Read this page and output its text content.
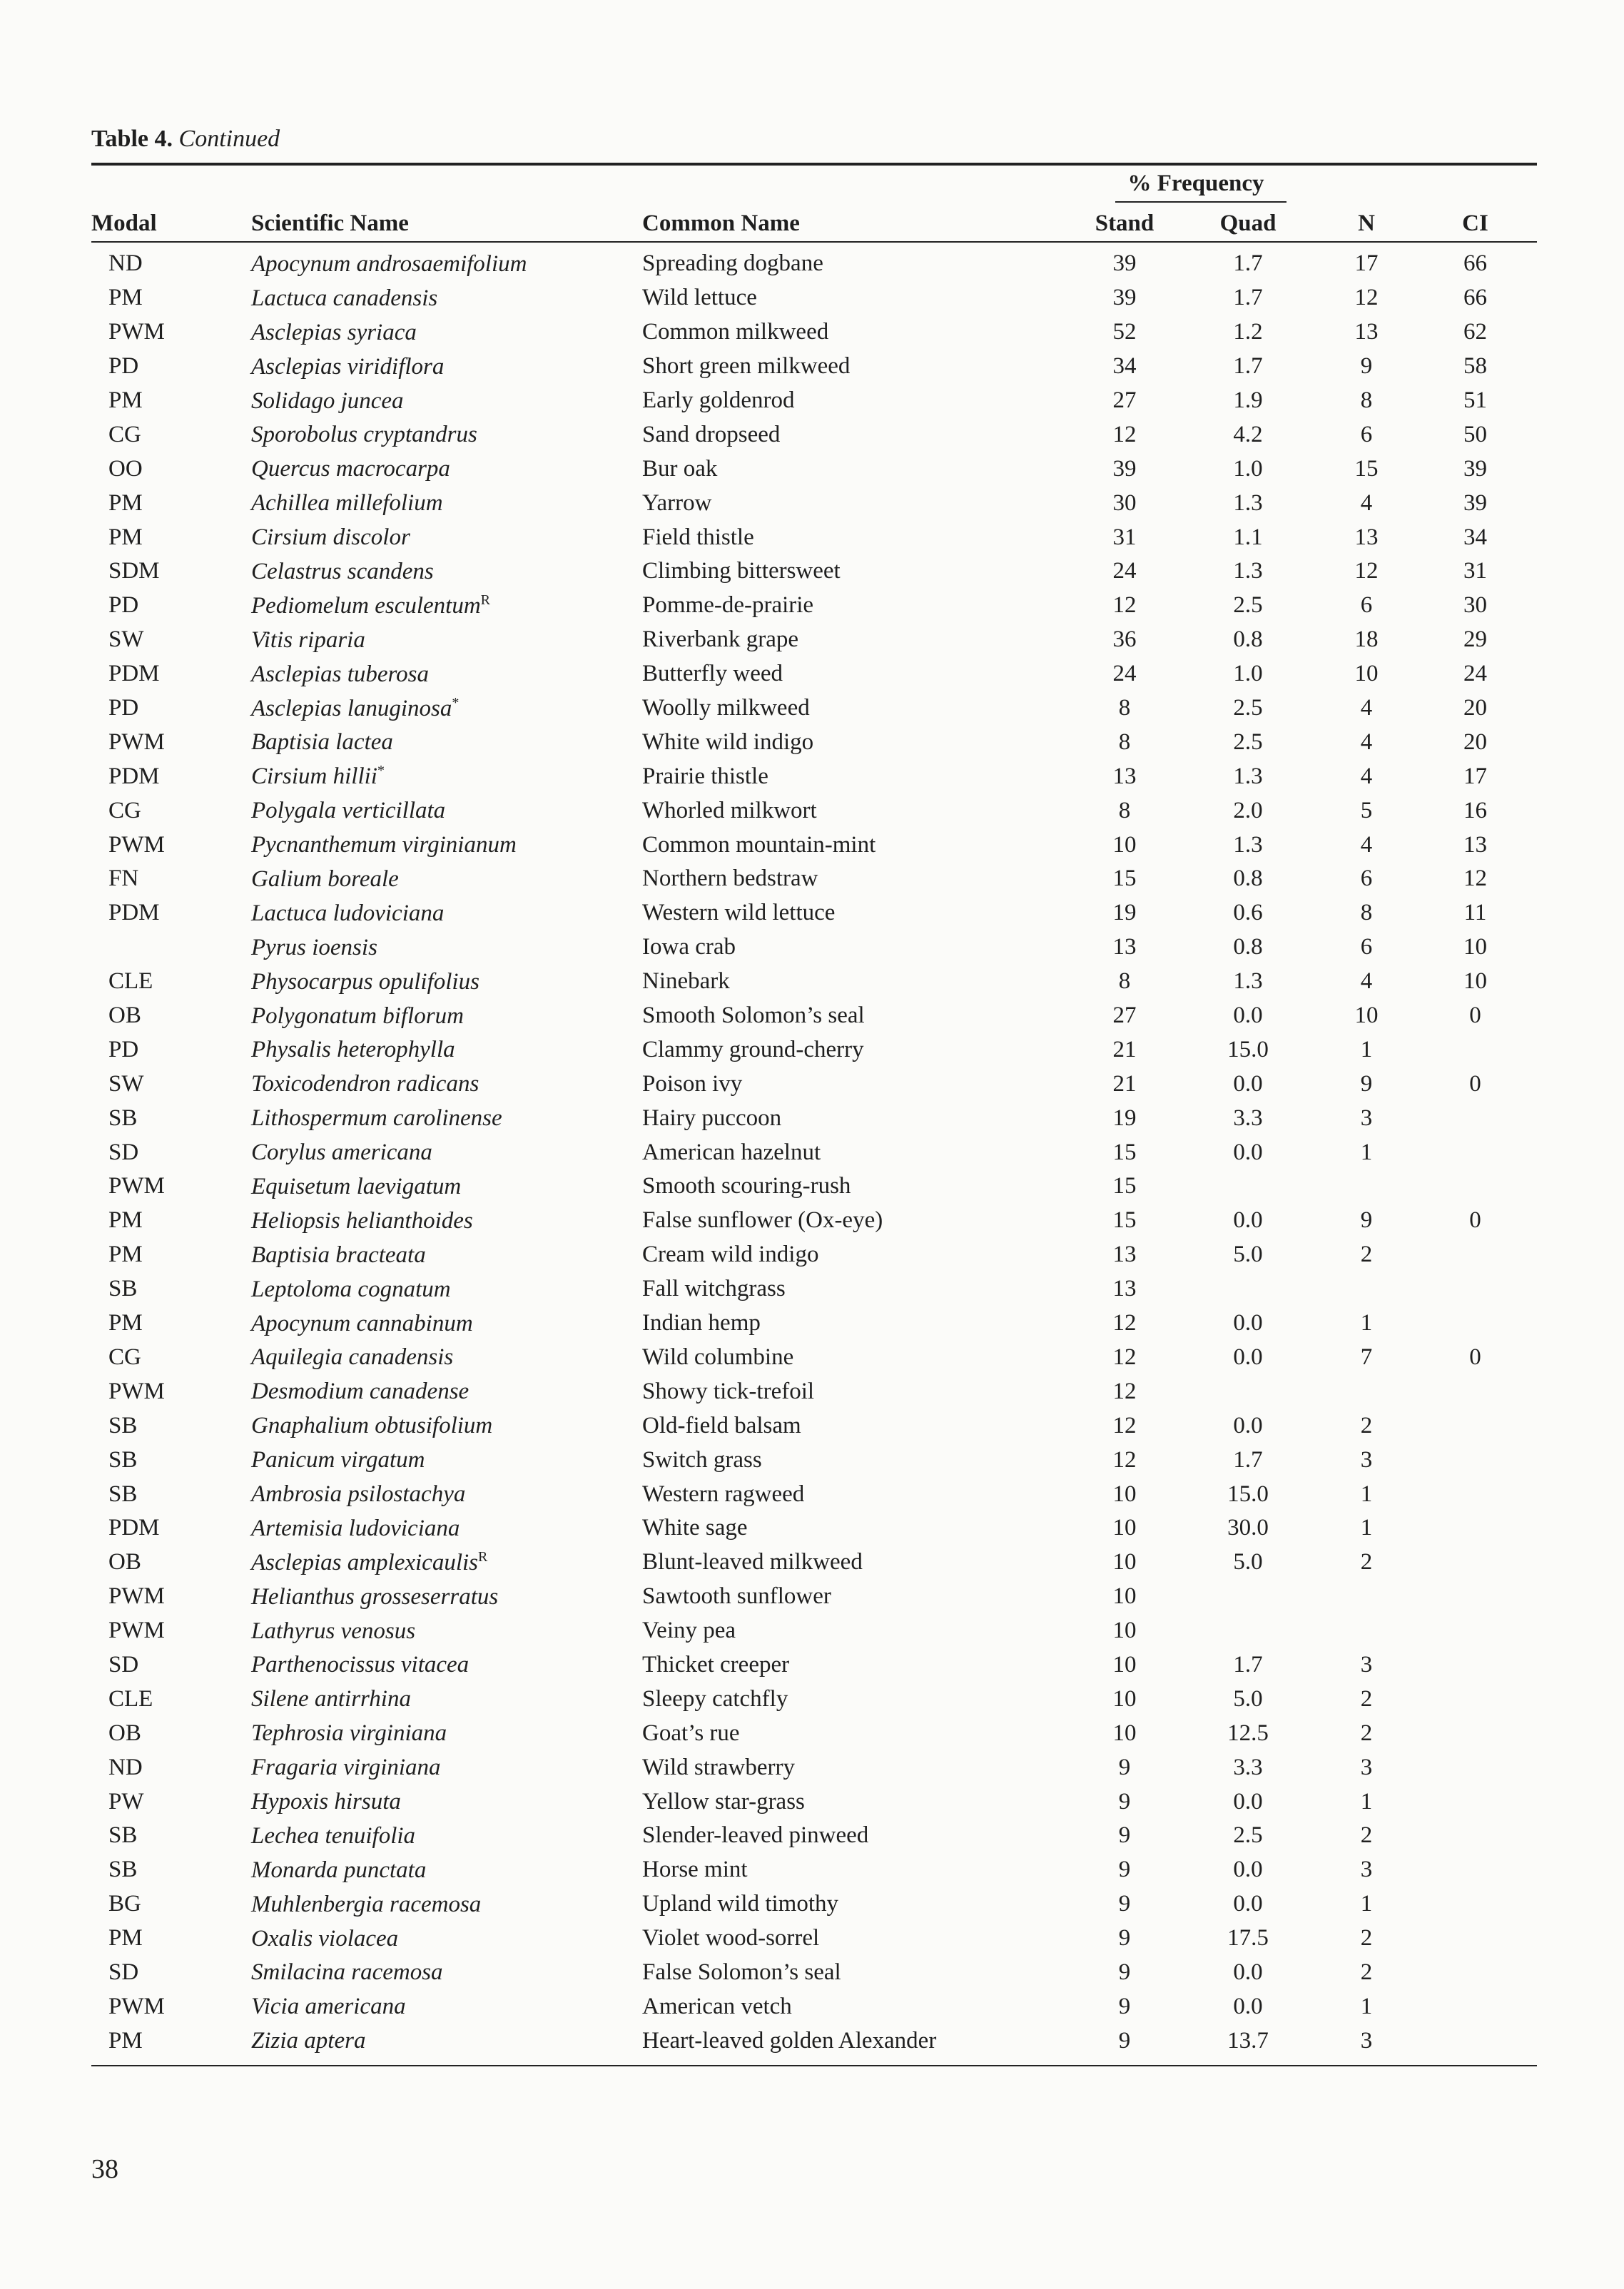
Table 4. Continued
			% Frequency		

Modal	Scientific Name	Common Name	Stand	Quad	N	CI
ND	Apocynum androsaemifolium	Spreading dogbane	39	1.7	17	66
PM	Lactuca canadensis	Wild lettuce	39	1.7	12	66
PWM	Asclepias syriaca	Common milkweed	52	1.2	13	62
PD	Asclepias viridiflora	Short green milkweed	34	1.7	9	58
PM	Solidago juncea	Early goldenrod	27	1.9	8	51
CG	Sporobolus cryptandrus	Sand dropseed	12	4.2	6	50
OO	Quercus macrocarpa	Bur oak	39	1.0	15	39
PM	Achillea millefolium	Yarrow	30	1.3	4	39
PM	Cirsium discolor	Field thistle	31	1.1	13	34
SDM	Celastrus scandens	Climbing bittersweet	24	1.3	12	31
PD	Pediomelum esculentum$^R$	Pomme-de-prairie	12	2.5	6	30
SW	Vitis riparia	Riverbank grape	36	0.8	18	29
PDM	Asclepias tuberosa	Butterfly weed	24	1.0	10	24
PD	Asclepias lanuginosa*	Woolly milkweed	8	2.5	4	20
PWM	Baptisia lactea	White wild indigo	8	2.5	4	20
PDM	Cirsium hillii*	Prairie thistle	13	1.3	4	17
CG	Polygala verticillata	Whorled milkwort	8	2.0	5	16
PWM	Pycnanthemum virginianum	Common mountain-mint	10	1.3	4	13
FN	Galium boreale	Northern bedstraw	15	0.8	6	12
PDM	Lactuca ludoviciana	Western wild lettuce	19	0.6	8	11
	Pyrus ioensis	Iowa crab	13	0.8	6	10
CLE	Physocarpus opulifolius	Ninebark	8	1.3	4	10
OB	Polygonatum biflorum	Smooth Solomon’s seal	27	0.0	10	0
PD	Physalis heterophylla	Clammy ground-cherry	21	15.0	1	
SW	Toxicodendron radicans	Poison ivy	21	0.0	9	0
SB	Lithospermum carolinense	Hairy puccoon	19	3.3	3	
SD	Corylus americana	American hazelnut	15	0.0	1	
PWM	Equisetum laevigatum	Smooth scouring-rush	15			
PM	Heliopsis helianthoides	False sunflower (Ox-eye)	15	0.0	9	0
PM	Baptisia bracteata	Cream wild indigo	13	5.0	2	
SB	Leptoloma cognatum	Fall witchgrass	13			
PM	Apocynum cannabinum	Indian hemp	12	0.0	1	
CG	Aquilegia canadensis	Wild columbine	12	0.0	7	0
PWM	Desmodium canadense	Showy tick-trefoil	12			
SB	Gnaphalium obtusifolium	Old-field balsam	12	0.0	2	
SB	Panicum virgatum	Switch grass	12	1.7	3	
SB	Ambrosia psilostachya	Western ragweed	10	15.0	1	
PDM	Artemisia ludoviciana	White sage	10	30.0	1	
OB	Asclepias amplexicaulis$^R$	Blunt-leaved milkweed	10	5.0	2	
PWM	Helianthus grosseserratus	Sawtooth sunflower	10			
PWM	Lathyrus venosus	Veiny pea	10			
SD	Parthenocissus vitacea	Thicket creeper	10	1.7	3	
CLE	Silene antirrhina	Sleepy catchfly	10	5.0	2	
OB	Tephrosia virginiana	Goat’s rue	10	12.5	2	
ND	Fragaria virginiana	Wild strawberry	9	3.3	3	
PW	Hypoxis hirsuta	Yellow star-grass	9	0.0	1	
SB	Lechea tenuifolia	Slender-leaved pinweed	9	2.5	2	
SB	Monarda punctata	Horse mint	9	0.0	3	
BG	Muhlenbergia racemosa	Upland wild timothy	9	0.0	1	
PM	Oxalis violacea	Violet wood-sorrel	9	17.5	2	
SD	Smilacina racemosa	False Solomon’s seal	9	0.0	2	
PWM	Vicia americana	American vetch	9	0.0	1	
PM	Zizia aptera	Heart-leaved golden Alexander	9	13.7	3	
38
